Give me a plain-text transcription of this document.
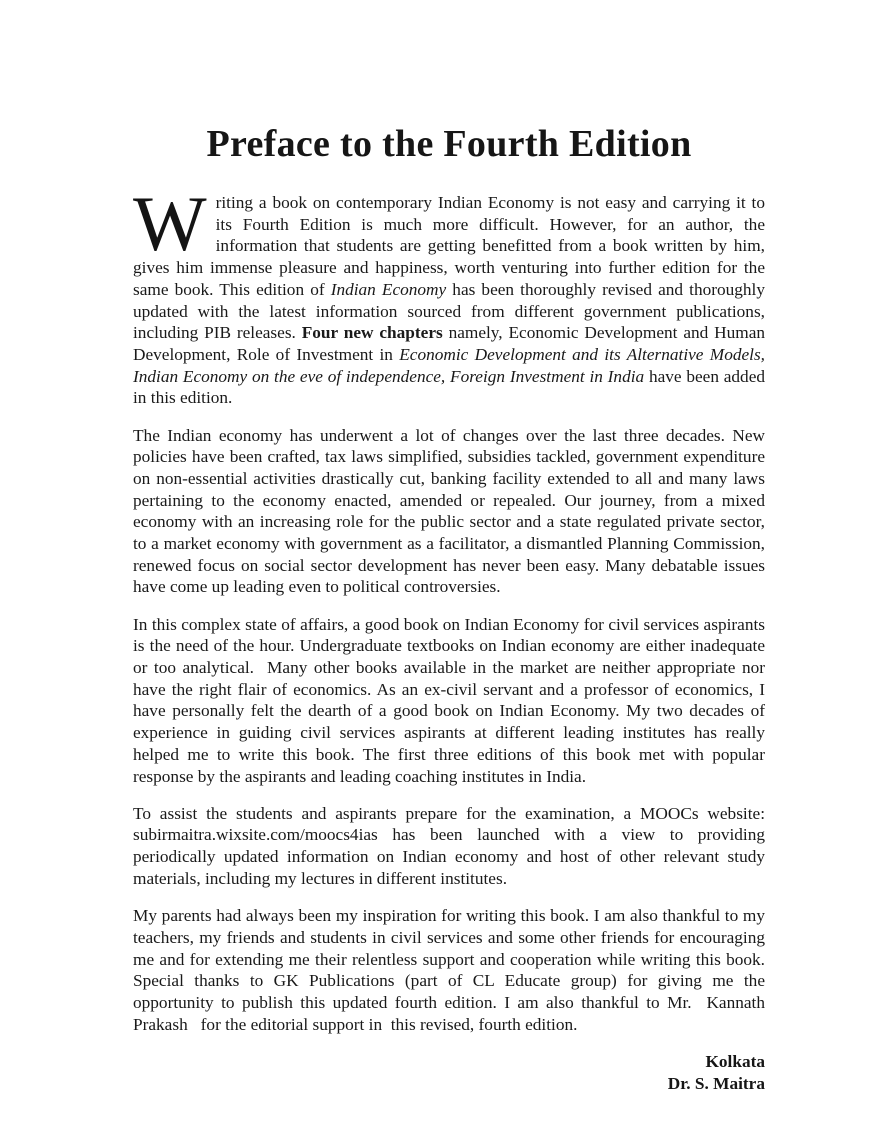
Preface to the Fourth Edition

Writing a book on contemporary Indian Economy is not easy and carrying it to its Fourth Edition is much more difficult. However, for an author, the information that students are getting benefitted from a book written by him, gives him immense pleasure and happiness, worth venturing into further edition for the same book. This edition of Indian Economy has been thoroughly revised and thoroughly updated with the latest information sourced from different government publications, including PIB releases. Four new chapters namely, Economic Development and Human Development, Role of Investment in Economic Development and its Alternative Models, Indian Economy on the eve of independence, Foreign Investment in India have been added in this edition.

The Indian economy has underwent a lot of changes over the last three decades. New policies have been crafted, tax laws simplified, subsidies tackled, government expenditure on non-essential activities drastically cut, banking facility extended to all and many laws pertaining to the economy enacted, amended or repealed. Our journey, from a mixed economy with an increasing role for the public sector and a state regulated private sector, to a market economy with government as a facilitator, a dismantled Planning Commission, renewed focus on social sector development has never been easy. Many debatable issues have come up leading even to political controversies.

In this complex state of affairs, a good book on Indian Economy for civil services aspirants is the need of the hour. Undergraduate textbooks on Indian economy are either inadequate or too analytical.  Many other books available in the market are neither appropriate nor have the right flair of economics. As an ex-civil servant and a professor of economics, I have personally felt the dearth of a good book on Indian Economy. My two decades of experience in guiding civil services aspirants at different leading institutes has really helped me to write this book. The first three editions of this book met with popular response by the aspirants and leading coaching institutes in India.

To assist the students and aspirants prepare for the examination, a MOOCs website: subirmaitra.wixsite.com/moocs4ias has been launched with a view to providing periodically updated information on Indian economy and host of other relevant study materials, including my lectures in different institutes.

My parents had always been my inspiration for writing this book. I am also thankful to my teachers, my friends and students in civil services and some other friends for encouraging me and for extending me their relentless support and cooperation while writing this book. Special thanks to GK Publications (part of CL Educate group) for giving me the opportunity to publish this updated fourth edition. I am also thankful to Mr.  Kannath Prakash   for the editorial support in  this revised, fourth edition.

Kolkata
Dr. S. Maitra
